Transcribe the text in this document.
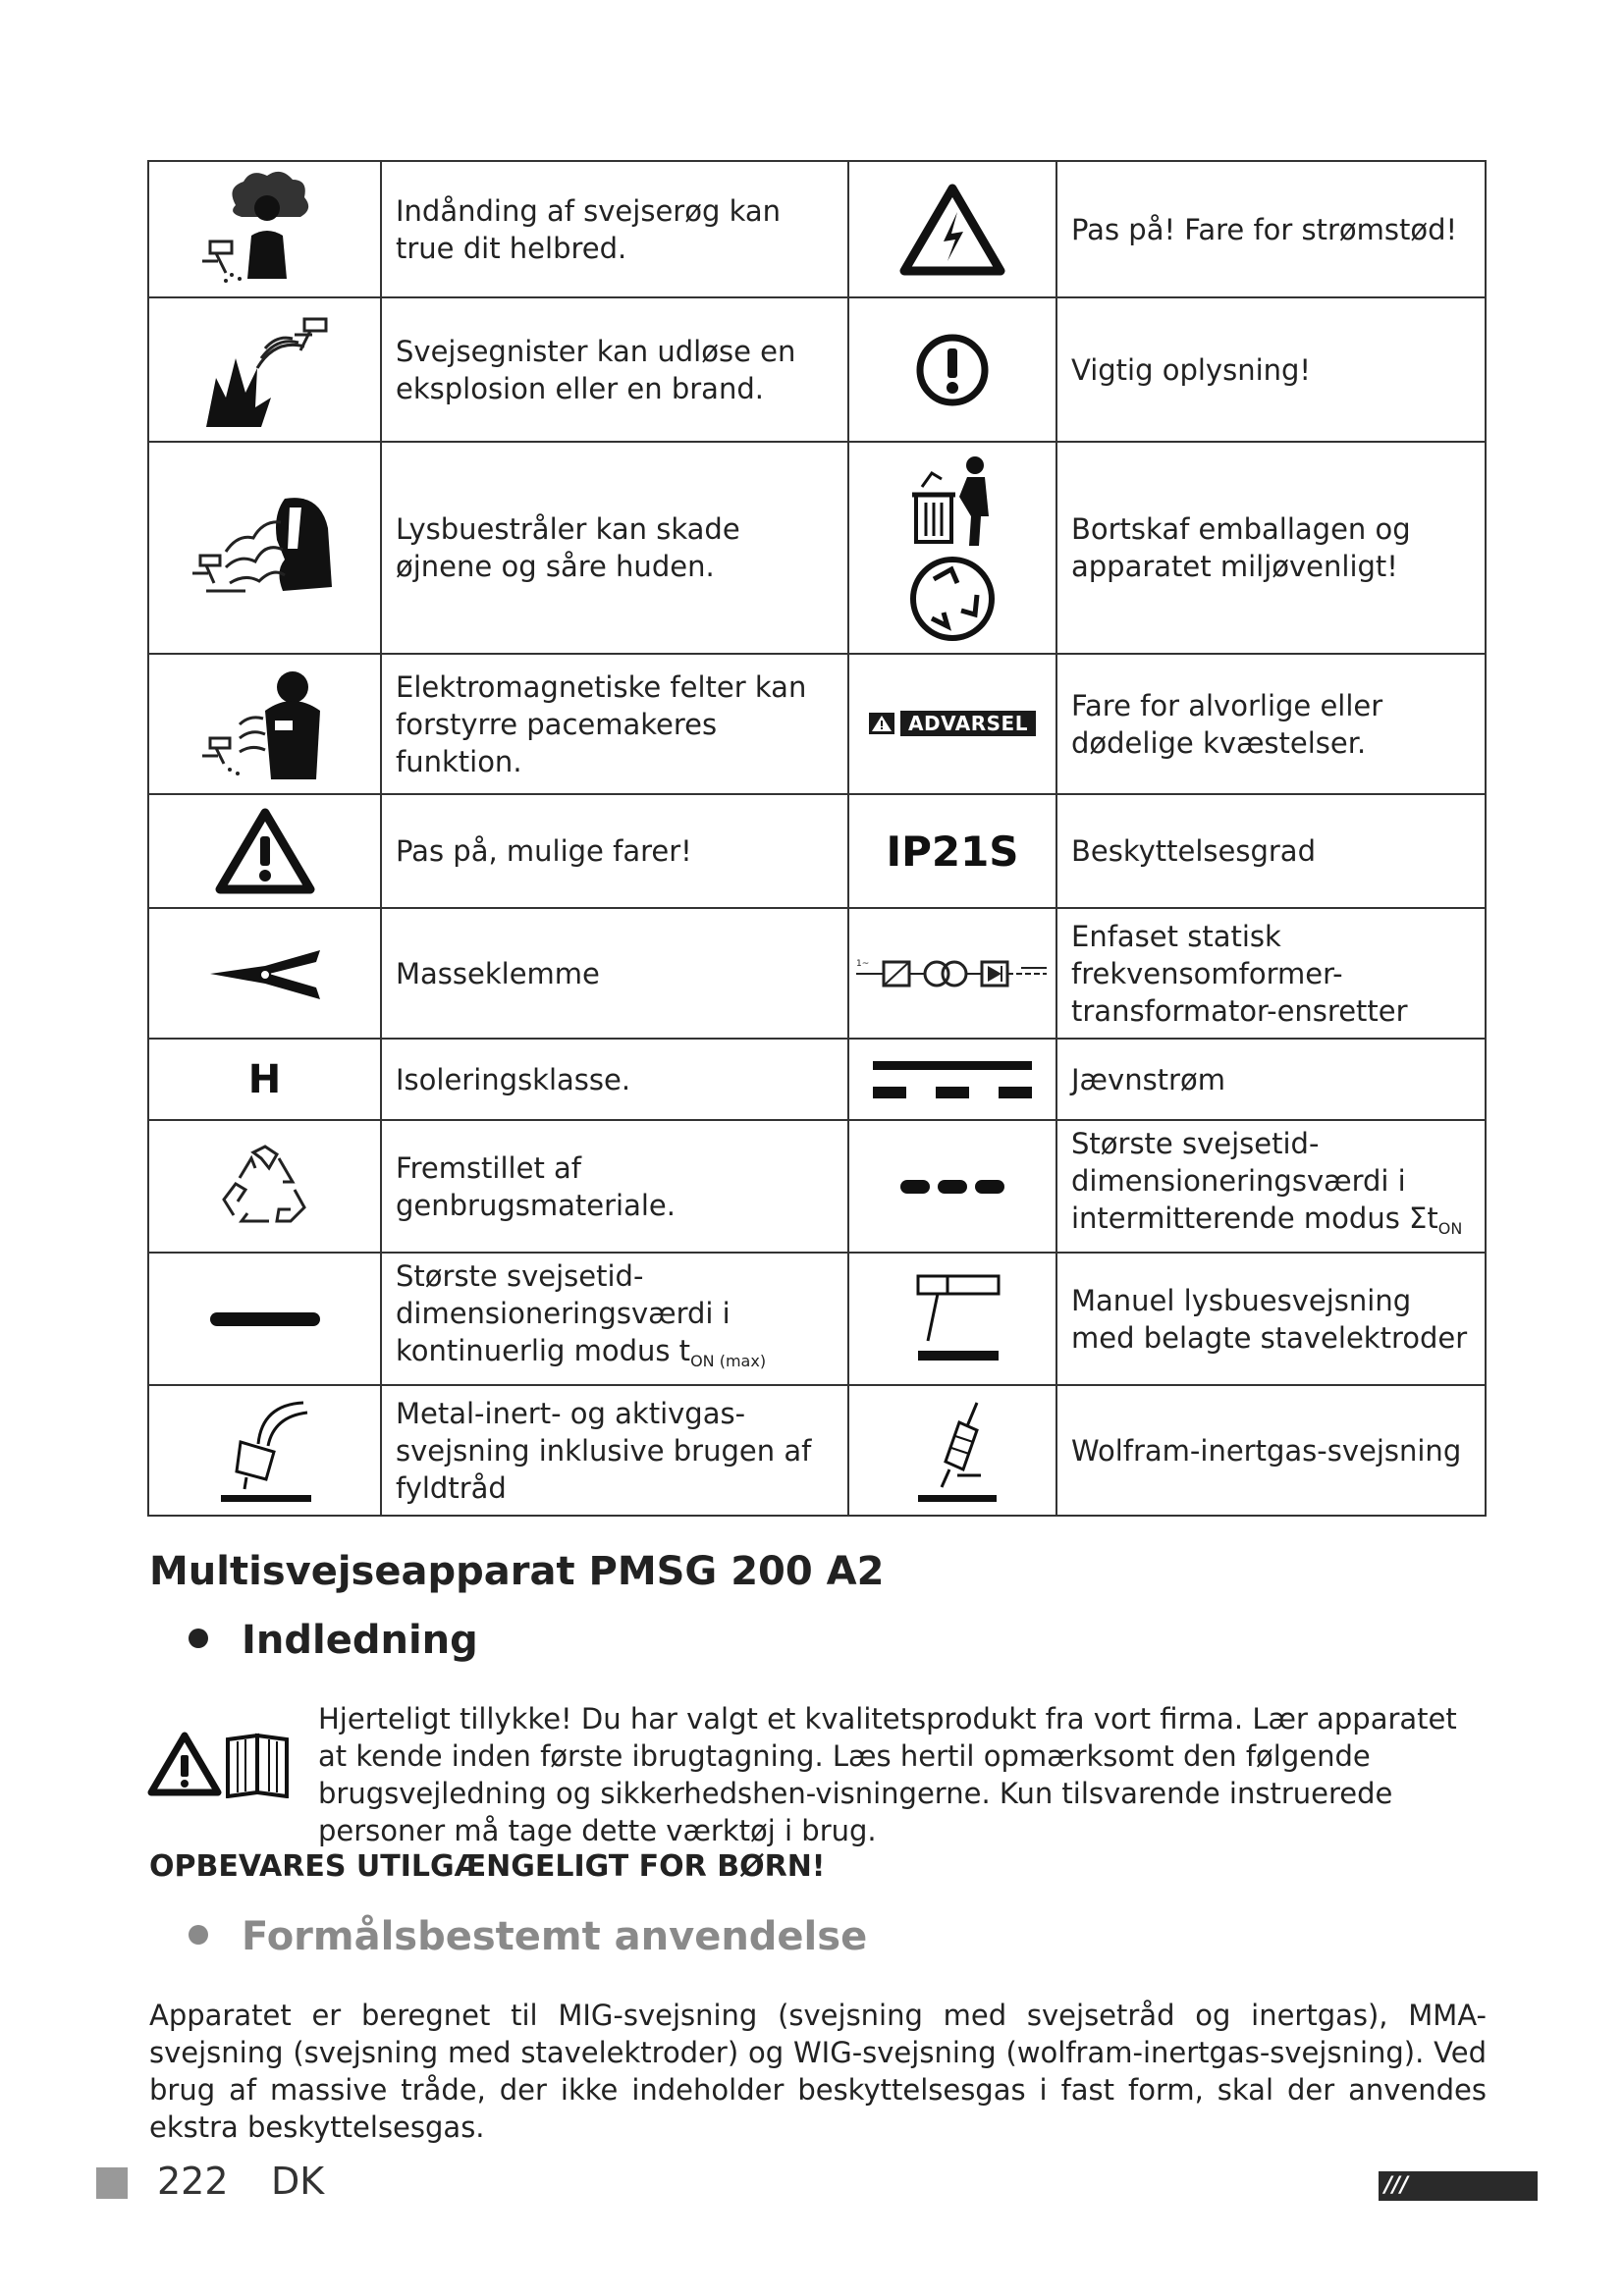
	Indånding af svejserøg kan true dit helbred.		Pas på! Fare for strømstød!

	Svejsegnister kan udløse en eksplosion eller en brand.		Vigtig oplysning!

	Lysbuestråler kan skade øjnene og såre huden.		Bortskaf emballagen og apparatet miljøvenligt!

	Elektromagnetiske felter kan forstyrre pacemakeres funktion.	ADVARSEL	Fare for alvorlige eller dødelige kvæstelser.

	Pas på, mulige farer!	IP21S	Beskyttelsesgrad

	Masseklemme	1~	Enfaset statisk frekvensomformer-transformator-ensretter
H	Isoleringsklasse.		Jævnstrøm

	Fremstillet af genbrugsmateriale.		Største svejsetid-dimensioneringsværdi i intermitterende modus $\Sigma t_{ON}$

	Største svejsetid-dimensioneringsværdi i kontinuerlig modus $t_{ON (max)}$		Manuel lysbuesvejsning med belagte stavelektroder

	Metal-inert- og aktivgas-svejsning inklusive brugen af fyldtråd		Wolfram-inertgas-svejsning
Multisvejseapparat PMSG 200 A2
Indledning
Hjerteligt tillykke! Du har valgt et kvalitetsprodukt fra vort firma. Lær apparatet at kende inden første ibrugtagning. Læs hertil opmærksomt den følgende brugsvejledning og sikkerhedshen-visningerne. Kun tilsvarende instruerede personer må tage dette værktøj i brug.
OPBEVARES UTILGÆNGELIGT FOR BØRN!
Formålsbestemt anvendelse
Apparatet er beregnet til MIG-svejsning (svejsning med svejsetråd og inertgas), MMA-svejsning (svejsning med stavelektroder) og WIG-svejsning (wolfram-inertgas-svejsning). Ved brug af massive tråde, der ikke indeholder beskyttelsesgas i fast form, skal der anvendes ekstra beskyttelsesgas.
222 DK	///PARKSIDE
